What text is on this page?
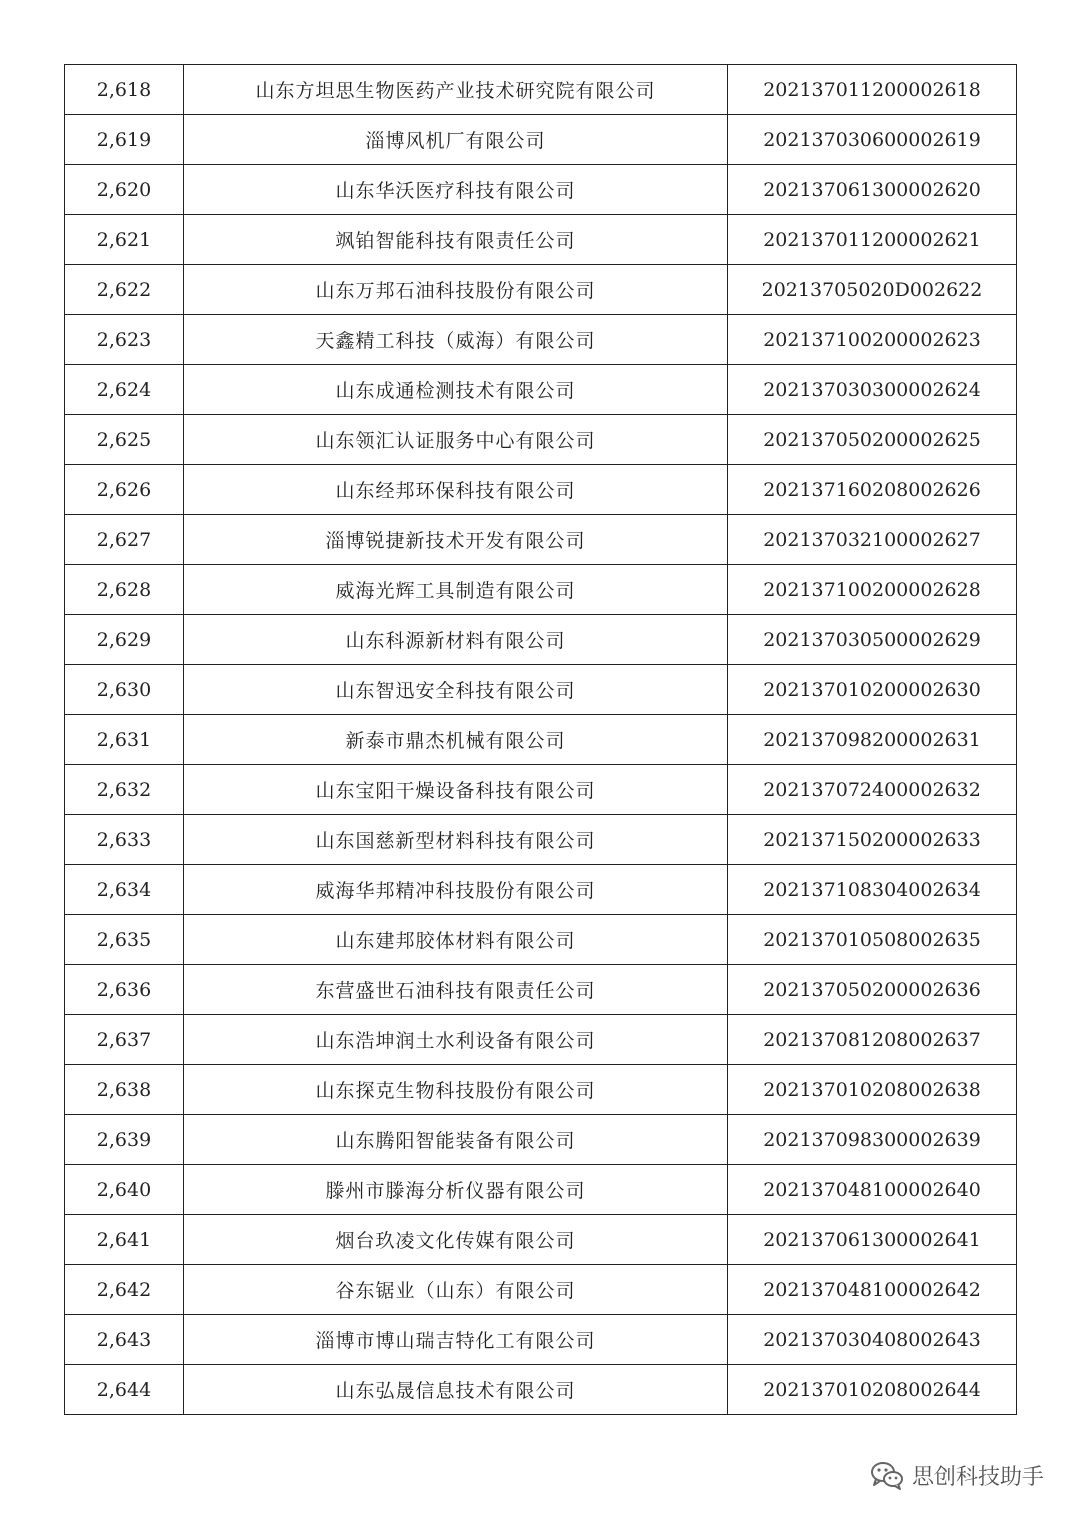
2,618	山东方坦思生物医药产业技术研究院有限公司	202137011200002618
2,619	淄博风机厂有限公司	202137030600002619
2,620	山东华沃医疗科技有限公司	202137061300002620
2,621	飒铂智能科技有限责任公司	202137011200002621
2,622	山东万邦石油科技股份有限公司	20213705020D002622
2,623	天鑫精工科技（威海）有限公司	202137100200002623
2,624	山东成通检测技术有限公司	202137030300002624
2,625	山东领汇认证服务中心有限公司	202137050200002625
2,626	山东经邦环保科技有限公司	202137160208002626
2,627	淄博锐捷新技术开发有限公司	202137032100002627
2,628	威海光辉工具制造有限公司	202137100200002628
2,629	山东科源新材料有限公司	202137030500002629
2,630	山东智迅安全科技有限公司	202137010200002630
2,631	新泰市鼎杰机械有限公司	202137098200002631
2,632	山东宝阳干燥设备科技有限公司	202137072400002632
2,633	山东国慈新型材料科技有限公司	202137150200002633
2,634	威海华邦精冲科技股份有限公司	202137108304002634
2,635	山东建邦胶体材料有限公司	202137010508002635
2,636	东营盛世石油科技有限责任公司	202137050200002636
2,637	山东浩坤润土水利设备有限公司	202137081208002637
2,638	山东探克生物科技股份有限公司	202137010208002638
2,639	山东腾阳智能装备有限公司	202137098300002639
2,640	滕州市滕海分析仪器有限公司	202137048100002640
2,641	烟台玖凌文化传媒有限公司	202137061300002641
2,642	谷东锯业（山东）有限公司	202137048100002642
2,643	淄博市博山瑞吉特化工有限公司	202137030408002643
2,644	山东弘晟信息技术有限公司	202137010208002644
思创科技助手
